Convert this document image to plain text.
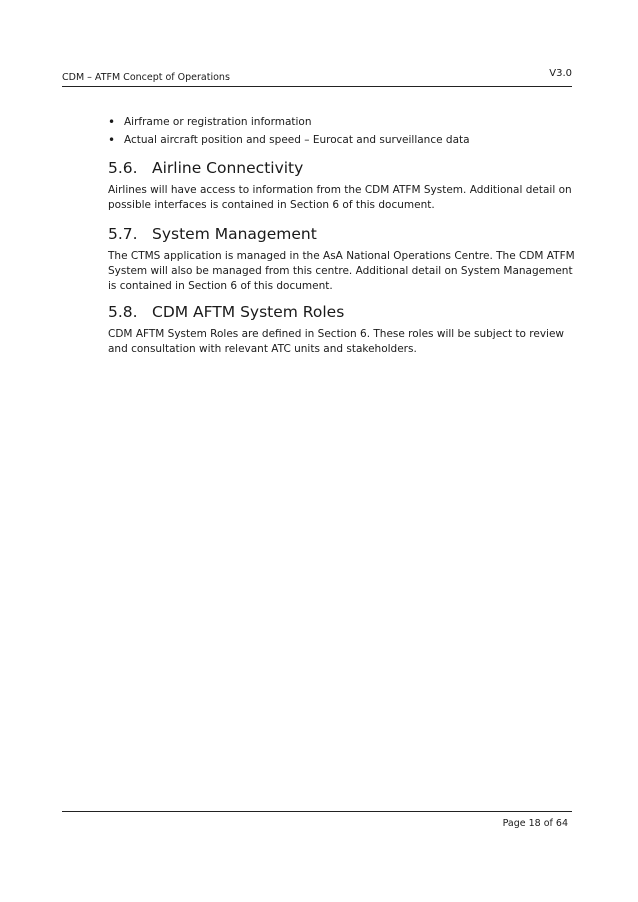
CDM – ATFM Concept of Operations	V3.0
• Airframe or registration information
• Actual aircraft position and speed – Eurocat and surveillance data
5.6. Airline Connectivity

Airlines will have access to information from the CDM ATFM System. Additional detail on possible interfaces is contained in Section 6 of this document.

5.7. System Management

The CTMS application is managed in the AsA National Operations Centre. The CDM ATFM System will also be managed from this centre. Additional detail on System Management is contained in Section 6 of this document.

5.8. CDM AFTM System Roles

CDM AFTM System Roles are defined in Section 6. These roles will be subject to review and consultation with relevant ATC units and stakeholders.

Page 18 of 64
